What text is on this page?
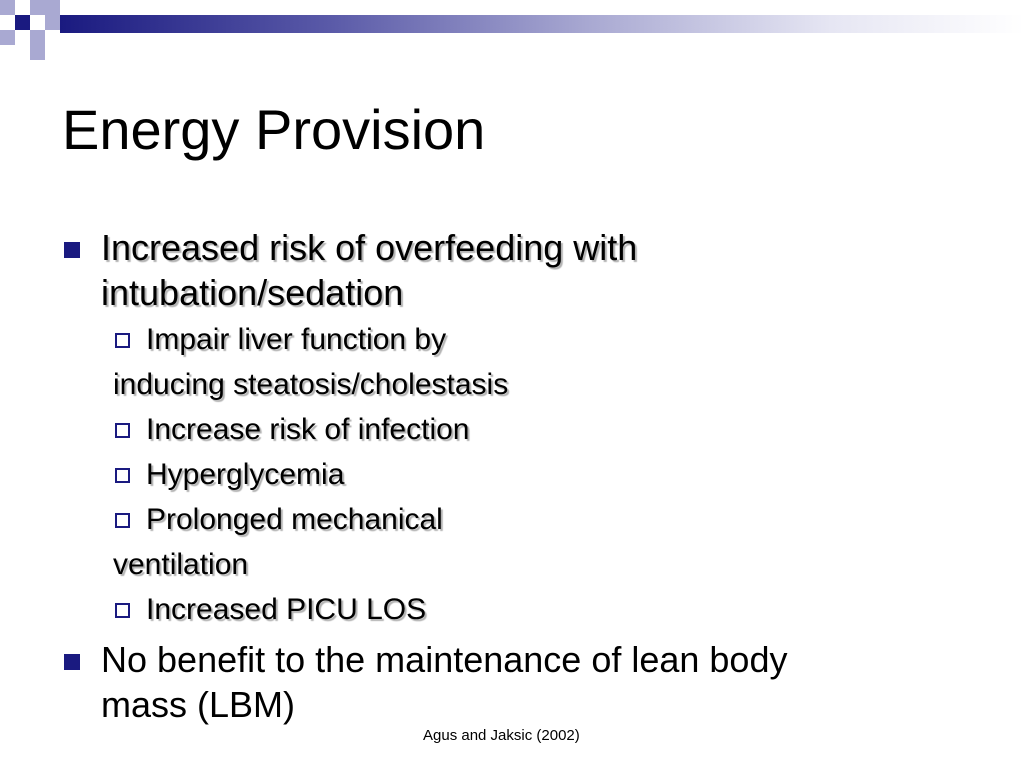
Energy Provision
Increased risk of overfeeding with
intubation/sedation
Impair liver function by
inducing steatosis/cholestasis
Increase risk of infection
Hyperglycemia
Prolonged mechanical
ventilation
Increased PICU LOS
No benefit to the maintenance of lean body
mass (LBM)
Agus and Jaksic (2002)
